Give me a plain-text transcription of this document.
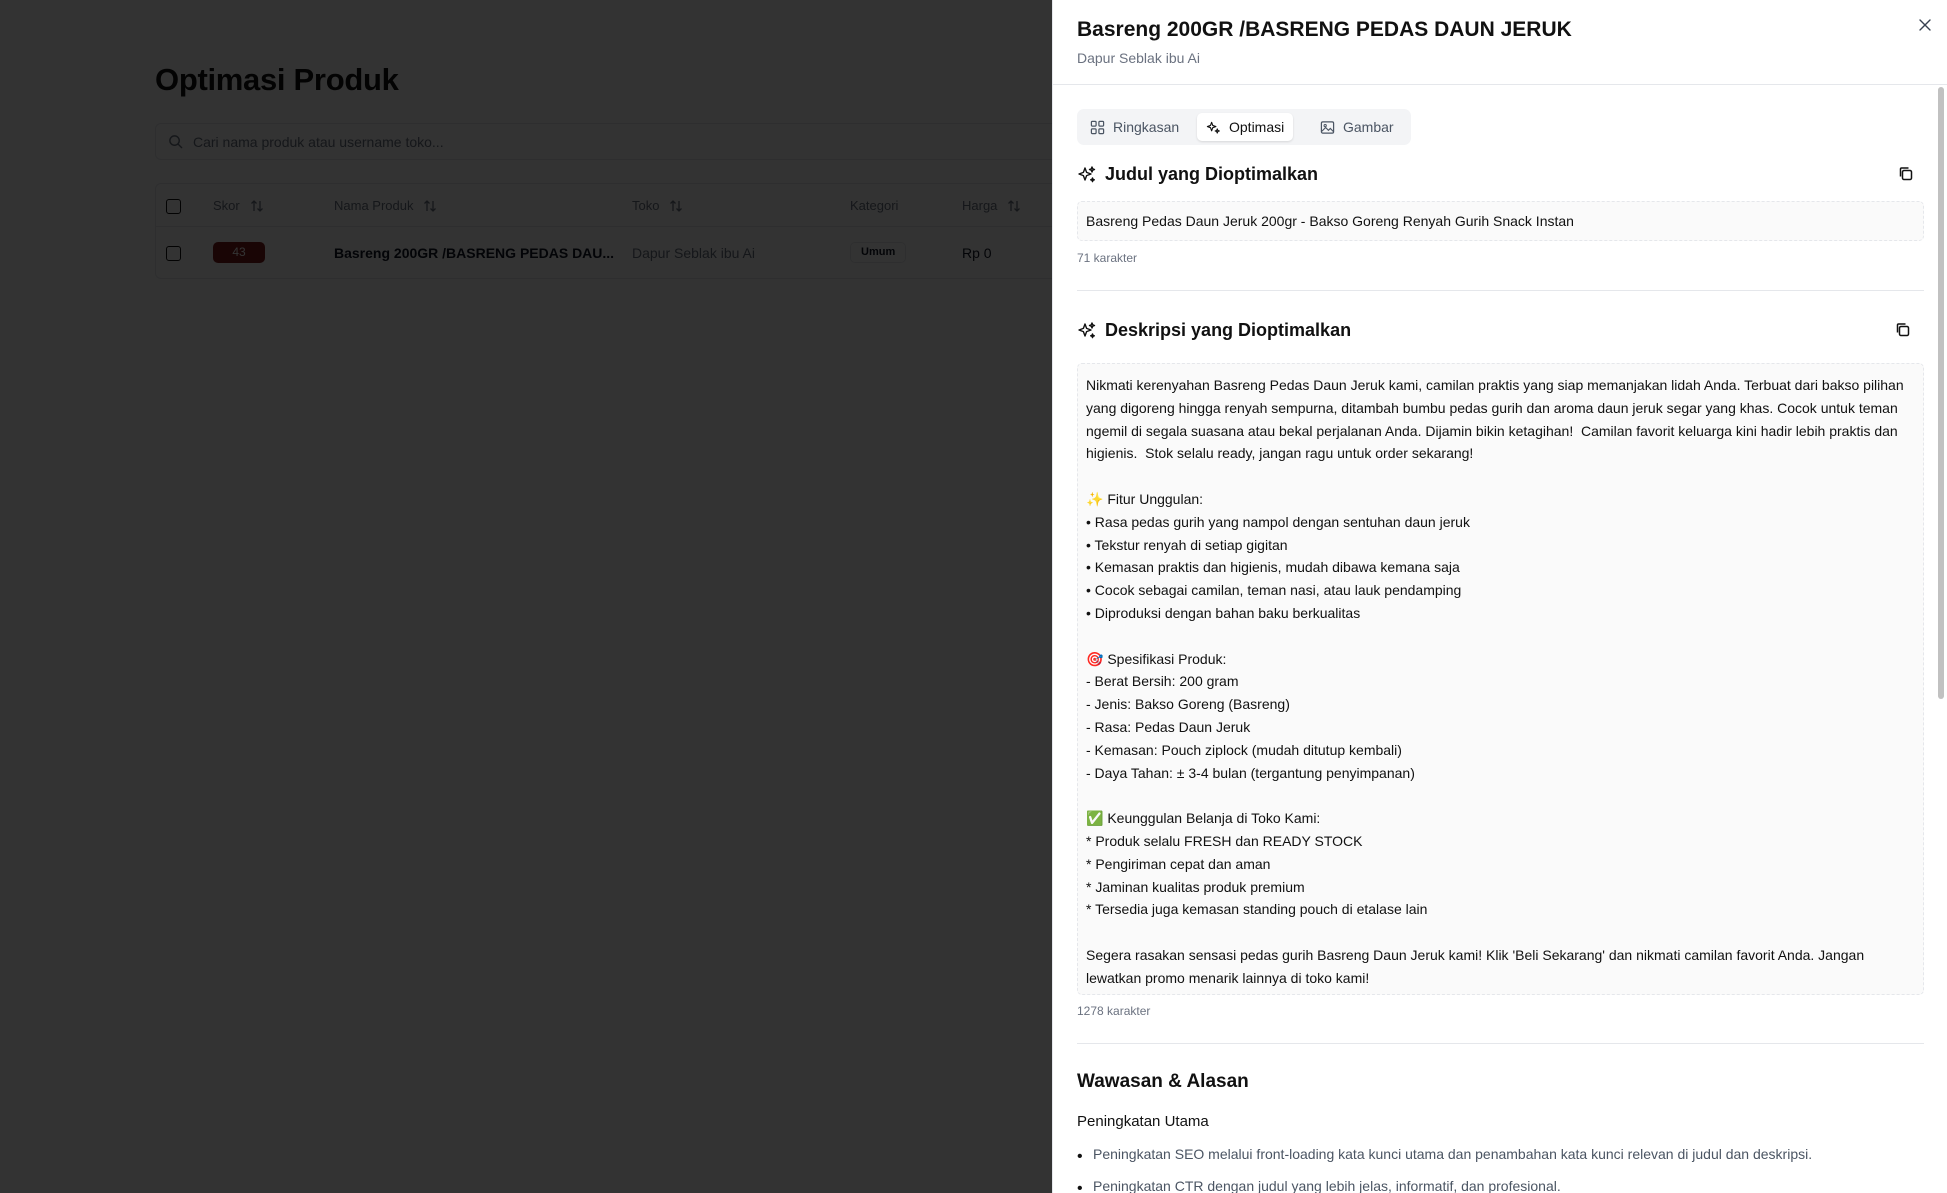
Basreng 200GR /BASRENG PEDAS DAUN JERUK
Dapur Seblak ibu Ai
Ringkasan	Optimasi	Gambar
Judul yang Dioptimalkan
Basreng Pedas Daun Jeruk 200gr - Bakso Goreng Renyah Gurih Snack Instan
71 karakter
Deskripsi yang Dioptimalkan
Nikmati kerenyahan Basreng Pedas Daun Jeruk kami, camilan praktis yang siap memanjakan lidah Anda. Terbuat dari bakso pilihan yang digoreng hingga renyah sempurna, ditambah bumbu pedas gurih dan aroma daun jeruk segar yang khas. Cocok untuk teman ngemil di segala suasana atau bekal perjalanan Anda. Dijamin bikin ketagihan!  Camilan favorit keluarga kini hadir lebih praktis dan higienis.  Stok selalu ready, jangan ragu untuk order sekarang!

✨ Fitur Unggulan:
• Rasa pedas gurih yang nampol dengan sentuhan daun jeruk
• Tekstur renyah di setiap gigitan
• Kemasan praktis dan higienis, mudah dibawa kemana saja
• Cocok sebagai camilan, teman nasi, atau lauk pendamping
• Diproduksi dengan bahan baku berkualitas

🎯 Spesifikasi Produk:
- Berat Bersih: 200 gram
- Jenis: Bakso Goreng (Basreng)
- Rasa: Pedas Daun Jeruk
- Kemasan: Pouch ziplock (mudah ditutup kembali)
- Daya Tahan: ± 3-4 bulan (tergantung penyimpanan)

✅ Keunggulan Belanja di Toko Kami:
* Produk selalu FRESH dan READY STOCK
* Pengiriman cepat dan aman
* Jaminan kualitas produk premium
* Tersedia juga kemasan standing pouch di etalase lain

Segera rasakan sensasi pedas gurih Basreng Daun Jeruk kami! Klik 'Beli Sekarang' dan nikmati camilan favorit Anda. Jangan lewatkan promo menarik lainnya di toko kami!
1278 karakter
Wawasan & Alasan
Peningkatan Utama
• Peningkatan SEO melalui front-loading kata kunci utama dan penambahan kata kunci relevan di judul dan deskripsi.
• Peningkatan CTR dengan judul yang lebih jelas, informatif, dan profesional.
